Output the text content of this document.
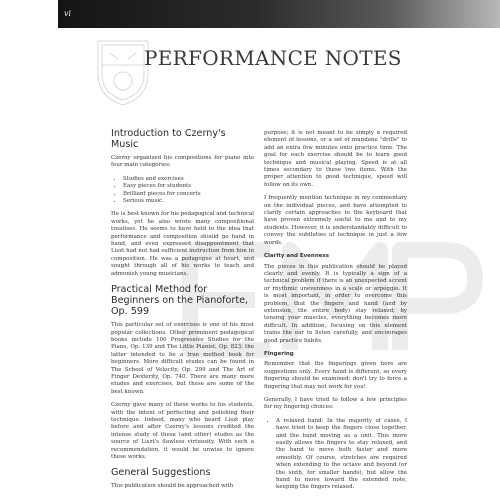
vi
PERFORMANCE NOTES
Introduction to Czerny's Music

Czerny organized his compositions for piano into four main categories:

• Studies and exercises
• Easy pieces for students
• Brilliant pieces for concerts
• Serious music.

He is best known for his pedagogical and technical works, yet he also wrote many compositional treatises. He seems to have held to the idea that performance and composition should go hand in hand, and even expressed disappointment that Liszt had not had sufficient instruction from him in composition. He was a pedagogue at heart, and sought through all of his works to teach and admonish young musicians.

Practical Method for Beginners on the Pianoforte, Op. 599

This particular set of exercises is one of his most popular collections. Other prominent pedagogical books include 100 Progressive Studies for the Piano, Op. 139 and The Little Pianist, Op. 823; the latter intended to be a true method book for beginners. More difficult etudes can be found in The School of Velocity, Op. 299 and The Art of Finger Dexterity, Op. 740. There are many more etudes and exercises, but these are some of the best known.

Czerny gave many of these works to his students, with the intent of perfecting and polishing their technique. Indeed, many who heard Liszt play before and after Czerny's lessons credited the intense study of these (and other) etudes as the source of Liszt's flawless virtuosity. With such a recommendation, it would be unwise to ignore these works.

General Suggestions

This publication should be approached with

purpose; it is not meant to be simply a required element of lessons, or a set of mundane "drills" to add an extra few minutes onto practice time. The goal for each exercise should be to learn good technique and musical playing. Speed is at all times secondary to these two items. With the proper attention to good technique, speed will follow on its own.

I frequently mention technique in my commentary on the individual pieces, and have attempted to clarify certain approaches to the keyboard that have proven extremely useful to me and to my students. However, it is understandably difficult to convey the subtleties of technique in just a few words.

Clarity and Evenness

The pieces in this publication should be played clearly and evenly. It is typically a sign of a technical problem if there is an unexpected accent or rhythmic unevenness in a scale or arpeggio. It is most important, in order to overcome this problem, that the fingers and hand (and by extension, the entire body) stay relaxed; by tensing your muscles, everything becomes more difficult. In addition, focusing on this element trains the ear to listen carefully, and encourages good practice habits.

Fingering

Remember that the fingerings given here are suggestions only. Every hand is different, so every fingering should be examined; don't try to force a fingering that may not work for you!

Generally, I have tried to follow a few principles for my fingering choices:

• A relaxed hand: In the majority of cases, I have tried to keep the fingers close together, and the hand moving as a unit. This more easily allows the fingers to stay relaxed, and the hand to move both faster and more smoothly. Of course, stretches are required when extending to the octave and beyond (or the sixth, for smaller hands), but allow the hand to move toward the extended note, keeping the fingers relaxed.
